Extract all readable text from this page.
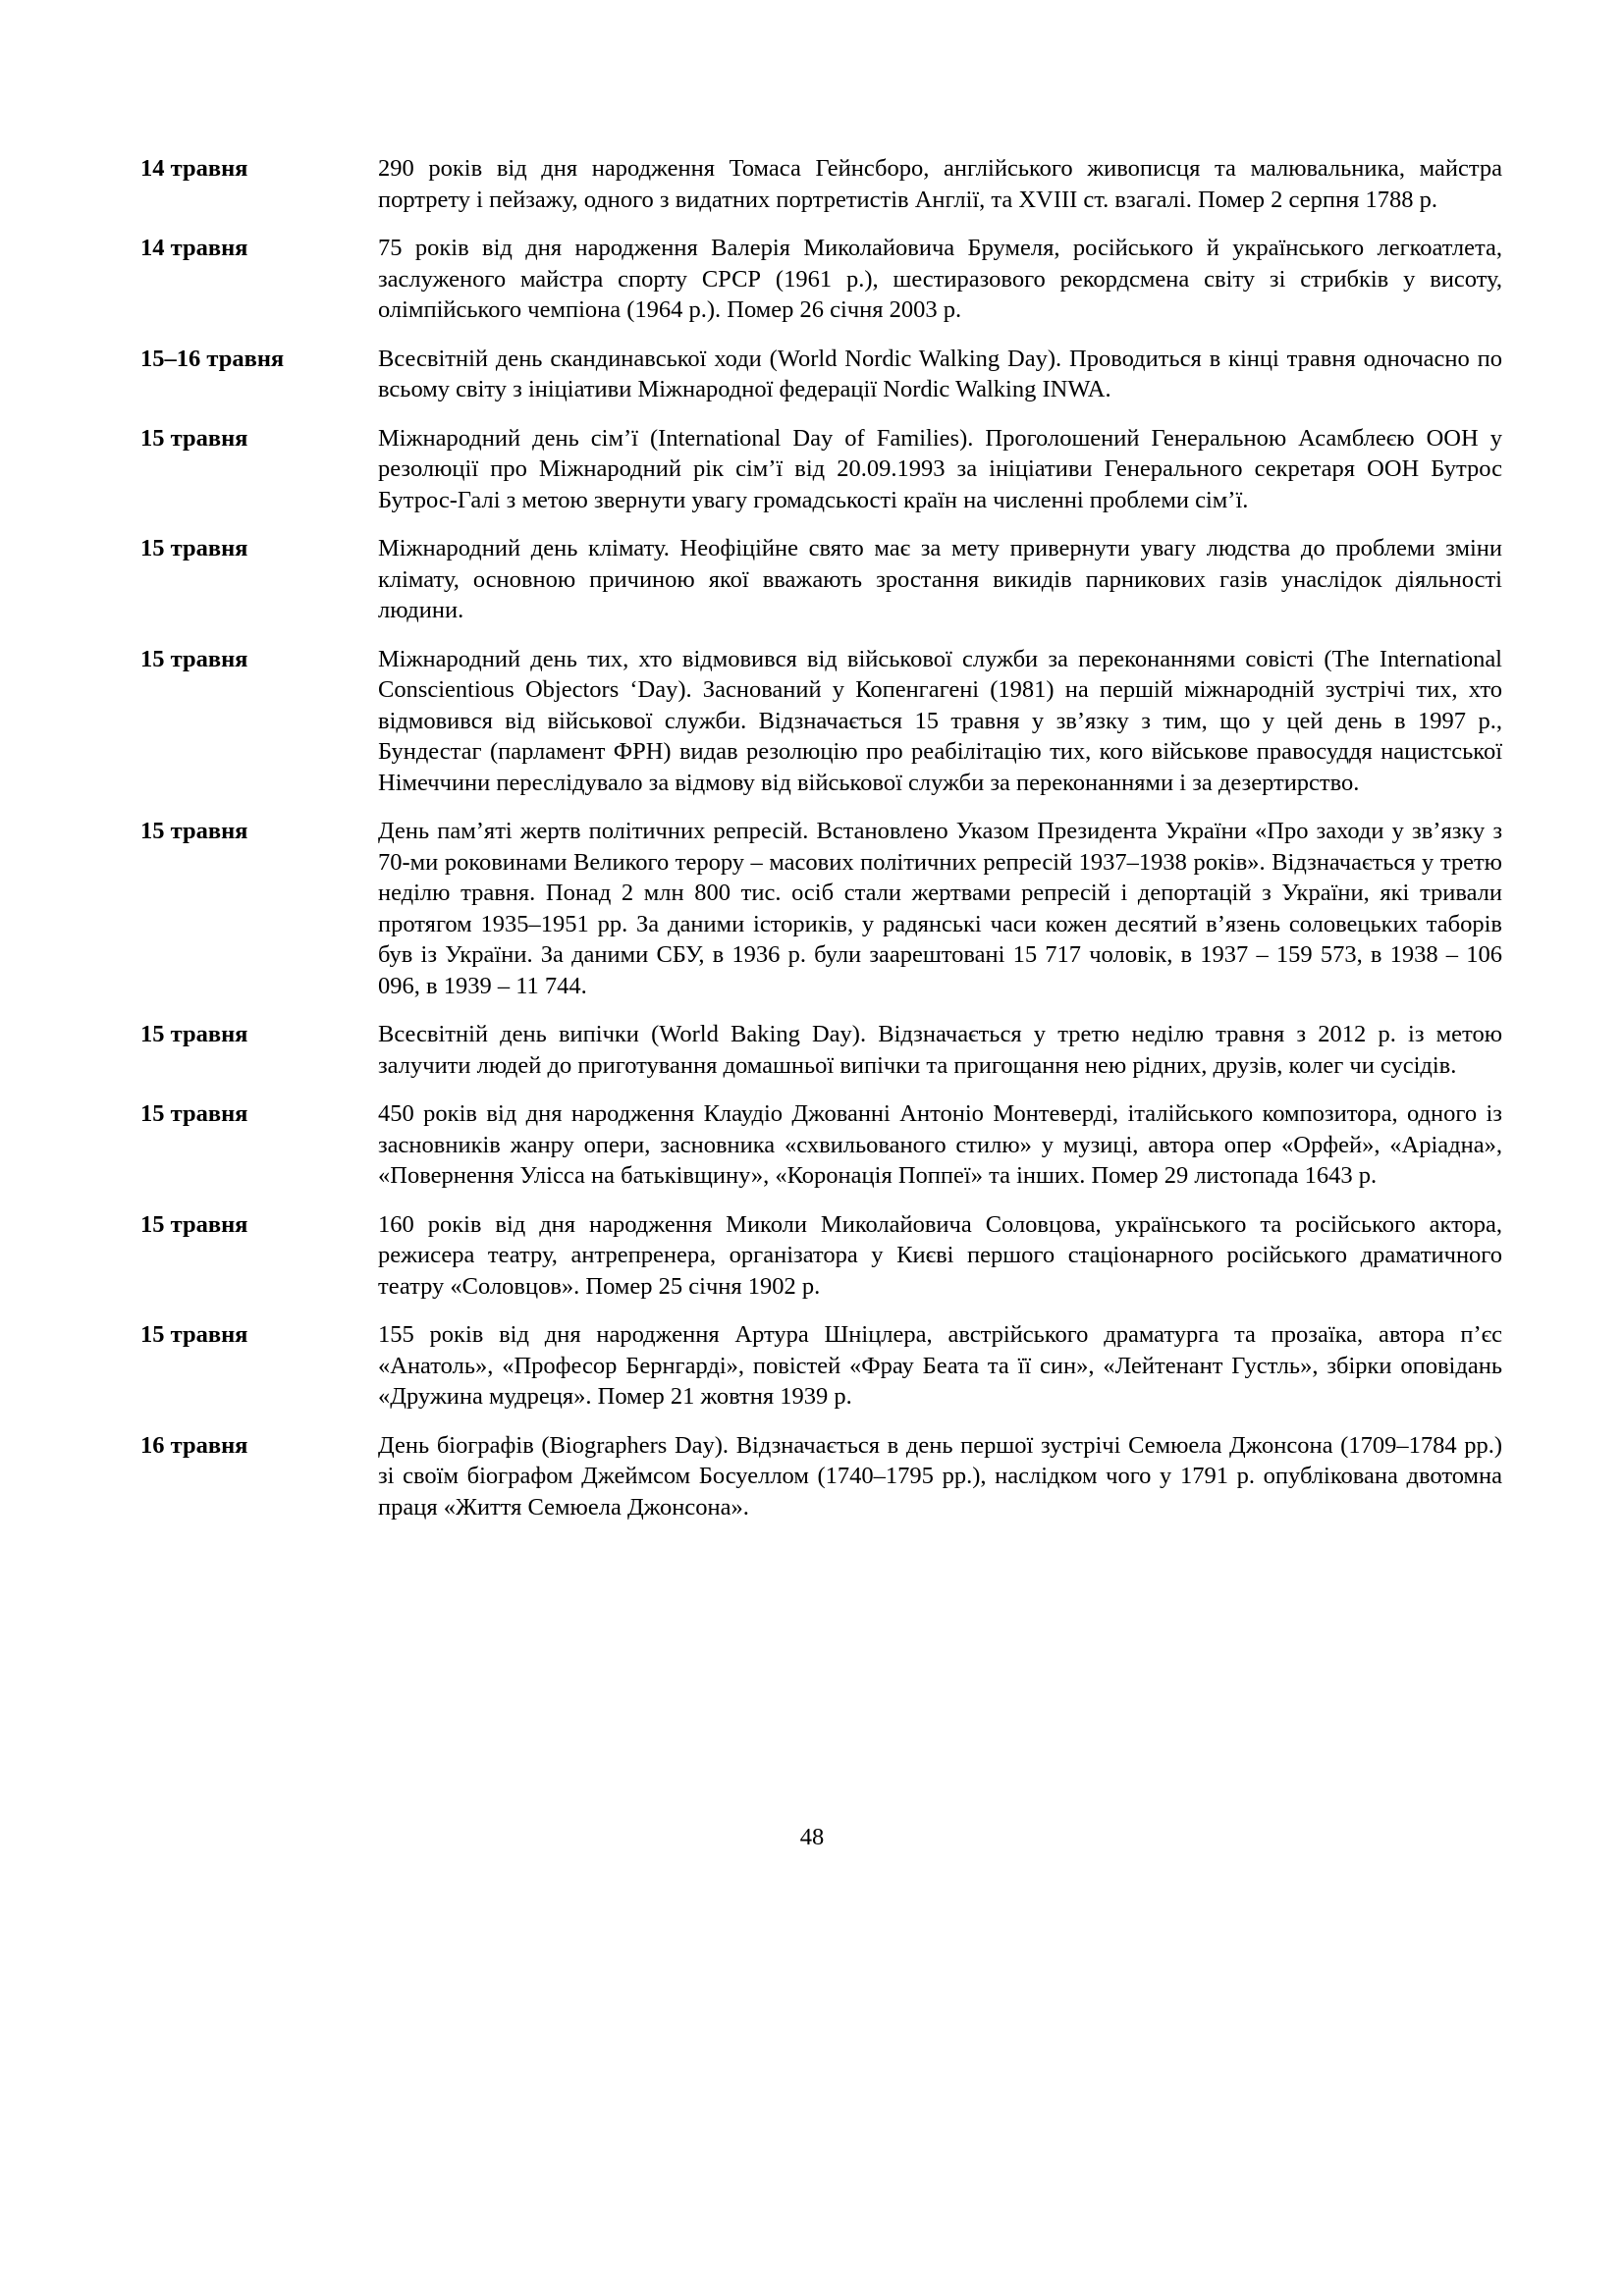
14 травня	290 років від дня народження Томаса Гейнсборо, англійського живописця та малювальника, майстра портрету і пейзажу, одного з видатних портретистів Англії, та XVIII ст. взагалі. Помер 2 серпня 1788 р.
14 травня	75 років від дня народження Валерія Миколайовича Брумеля, російського й українського легкоатлета, заслуженого майстра спорту СРСР (1961 р.), шестиразового рекордсмена світу зі стрибків у висоту, олімпійського чемпіона (1964 р.). Помер 26 січня 2003 р.
15–16 травня	Всесвітній день скандинавської ходи (World Nordic Walking Day). Проводиться в кінці травня одночасно по всьому світу з ініціативи Міжнародної федерації Nordic Walking INWA.
15 травня	Міжнародний день сім’ї (International Day of Families). Проголошений Генеральною Асамблеєю ООН у резолюції про Міжнародний рік сім’ї від 20.09.1993 за ініціативи Генерального секретаря ООН Бутрос Бутрос-Галі з метою звернути увагу громадськості країн на численні проблеми сім’ї.
15 травня	Міжнародний день клімату. Неофіційне свято має за мету привернути увагу людства до проблеми зміни клімату, основною причиною якої вважають зростання викидів парникових газів унаслідок діяльності людини.
15 травня	Міжнародний день тих, хто відмовився від військової служби за переконаннями совісті (The International Conscientious Objectors ‘Day). Заснований у Копенгагені (1981) на першій міжнародній зустрічі тих, хто відмовився від військової служби. Відзначається 15 травня у зв’язку з тим, що у цей день в 1997 р., Бундестаг (парламент ФРН) видав резолюцію про реабілітацію тих, кого військове правосуддя нацистської Німеччини переслідувало за відмову від військової служби за переконаннями і за дезертирство.
15 травня	День пам’яті жертв політичних репресій. Встановлено Указом Президента України «Про заходи у зв’язку з 70-ми роковинами Великого терору – масових політичних репресій 1937–1938 років». Відзначається у третю неділю травня. Понад 2 млн 800 тис. осіб стали жертвами репресій і депортацій з України, які тривали протягом 1935–1951 рр. За даними істориків, у радянські часи кожен десятий в’язень соловецьких таборів був із України. За даними СБУ, в 1936 р. були заарештовані 15 717 чоловік, в 1937 – 159 573, в 1938 – 106 096, в 1939 – 11 744.
15 травня	Всесвітній день випічки (World Baking Day). Відзначається у третю неділю травня з 2012 р. із метою залучити людей до приготування домашньої випічки та пригощання нею рідних, друзів, колег чи сусідів.
15 травня	450 років від дня народження Клаудіо Джованні Антоніо Монтеверді, італійського композитора, одного із засновників жанру опери, засновника «схвильованого стилю» у музиці, автора опер «Орфей», «Аріадна», «Повернення Улісса на батьківщину», «Коронація Поппеї» та інших. Помер 29 листопада 1643 р.
15 травня	160 років від дня народження Миколи Миколайовича Соловцова, українського та російського актора, режисера театру, антрепренера, організатора у Києві першого стаціонарного російського драматичного театру «Соловцов». Помер 25 січня 1902 р.
15 травня	155 років від дня народження Артура Шніцлера, австрійського драматурга та прозаїка, автора п’єс «Анатоль», «Професор Бернгарді», повістей «Фрау Беата та її син», «Лейтенант Густль», збірки оповідань «Дружина мудреця». Помер 21 жовтня 1939 р.
16 травня	День біографів (Biographers Day). Відзначається в день першої зустрічі Семюела Джонсона (1709–1784 рр.) зі своїм біографом Джеймсом Босуеллом (1740–1795 рр.), наслідком чого у 1791 р. опублікована двотомна праця «Життя Семюела Джонсона».
48
